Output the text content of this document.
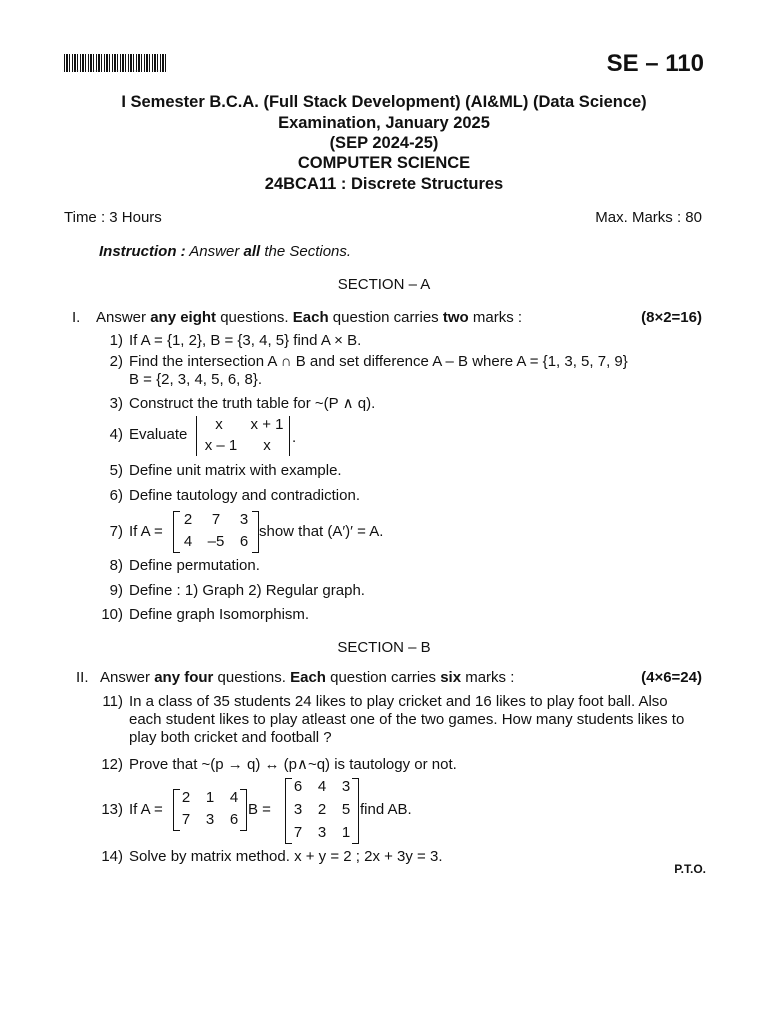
SE – 110
I Semester B.C.A. (Full Stack Development) (AI&ML) (Data Science)
Examination, January 2025
(SEP 2024-25)
COMPUTER SCIENCE
24BCA11 : Discrete Structures
Time : 3 Hours	Max. Marks : 80
Instruction : Answer all the Sections.
SECTION – A
I. Answer any eight questions. Each question carries two marks :	(8×2=16)
1) If A = {1, 2}, B = {3, 4, 5} find A × B.
2) Find the intersection A ∩ B and set difference A – B where A = {1, 3, 5, 7, 9}
B = {2, 3, 4, 5, 6, 8}.
3) Construct the truth table for ~(P ∧ q).
4) Evaluate
x	x + 1
x – 1	x	.
5) Define unit matrix with example.
6) Define tautology and contradiction.
7) If A =
2	7	3
4	–5	6
show that (A′)′ = A.
8) Define permutation.
9) Define : 1) Graph 2) Regular graph.
10) Define graph Isomorphism.
SECTION – B
II. Answer any four questions. Each question carries six marks :	(4×6=24)
11) In a class of 35 students 24 likes to play cricket and 16 likes to play foot ball. Also each student likes to play atleast one of the two games. How many students likes to play both cricket and football ?
12) Prove that ~(p → q) ↔ (p∧~q) is tautology or not.
13) If A =
2	1	4
7	3	6
B =
6	4	3
3	2	5
7	3	1
find AB.
14) Solve by matrix method. x + y = 2 ; 2x + 3y = 3.
P.T.O.
